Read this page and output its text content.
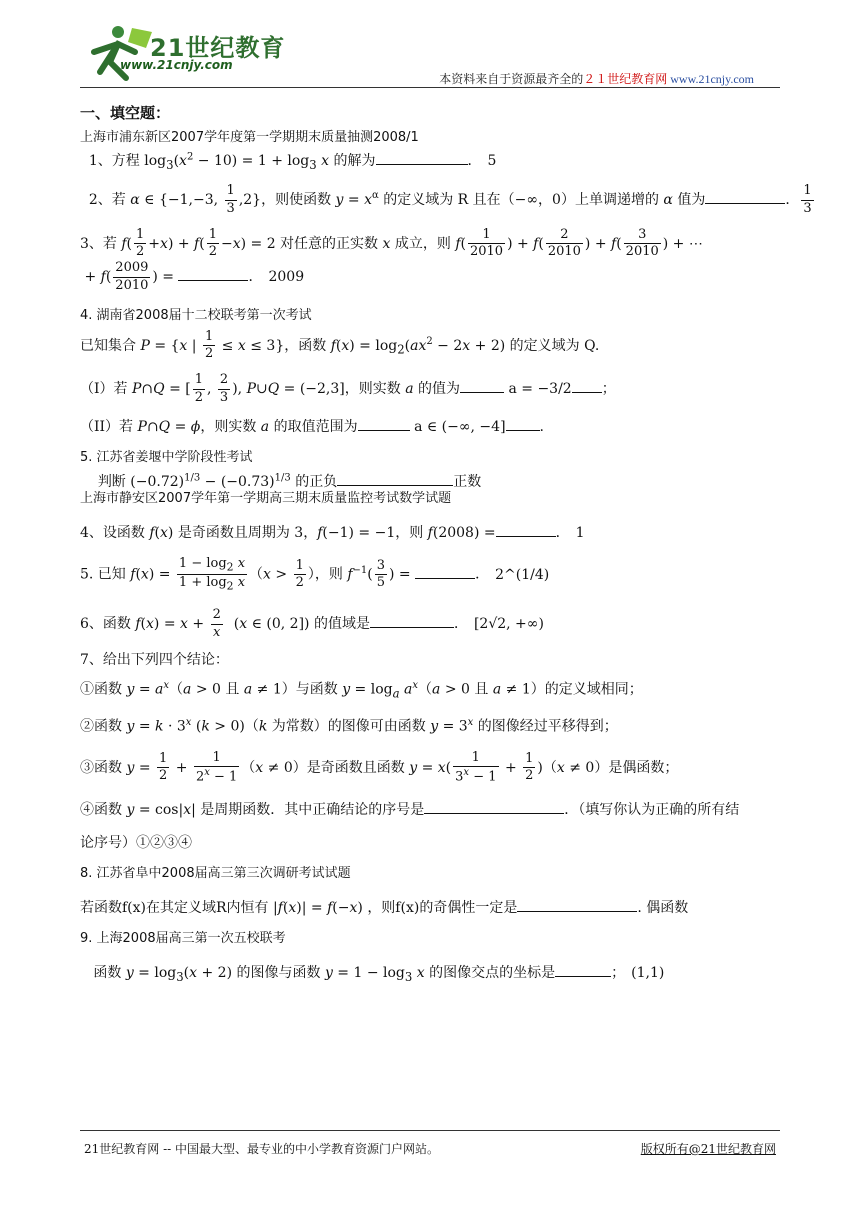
21世纪教育
www.21cnjy.com
本资料来自于资源最齐全的２１世纪教育网 www.21cnjy.com

一、填空题：

上海市浦东新区2007学年度第一学期期末质量抽测2008/1

1、方程 $\log_3(x^2 - 10) = 1 + \log_3 x$ 的解为	． 5

2、若 α ∈ {−1,−3, $\frac{1}{3} ,2$}，则使函数 $y = x^\alpha$ 的定义域为 R 且在（−∞，0）上单调递增的 α 值为	． $\frac{1}{3}$

3、若 $f( \frac{1}{2} +x) + f( \frac{1}{2} -x) = 2$ 对任意的正实数 x 成立，则 $f( \frac{1}{2010}$ ) + $f( \frac{2}{2010}$ ) + $f( \frac{3}{2010}$ ) + ⋯

+ $f( \frac{2009}{2010}$ ) =	． 2009

4. 湖南省2008届十二校联考第一次考试

已知集合 P = {x | $\frac{1}{2} \le x \le 3$}，函数 $f(x) = \log_2(ax^2 - 2x + 2)$ 的定义域为 Q.

（I）若 P∩Q = [ $\frac{1}{2}$ , $\frac{2}{3}$ ), P∪Q = (−2,3]，则实数 a 的值为	a = −3/2 ；

（II）若 P∩Q = ϕ，则实数 a 的取值范围为	a ∈ (−∞, −4] .

5. 江苏省姜堰中学阶段性考试

判断 $(-0.72)^{1/3} - (-0.73)^{1/3}$ 的正负	正数

上海市静安区2007学年第一学期高三期末质量监控考试数学试题

4、设函数 f(x) 是奇函数且周期为 3，f(−1) = −1，则 f(2008) =	． 1

5. 已知 $f(x) = \frac{1 - \log_2 x}{1 + \log_2 x} (x > \frac{1}{2}$ ），则 $f^{-1}( \frac{3}{5}$ ) =	． 2^(1/4)

6、函数 $f(x) = x + \frac{2}{x} (x$ ∈ (0, 2]) 的值域是	． [2√2, +∞)

7、给出下列四个结论：

①函数 $y = a^x(a > 0$ 且 a ≠ 1）与函数 $y = \log_a a^x(a > 0$ 且 a ≠ 1）的定义域相同；

②函数 $y = k \cdot 3^x$ (k > 0)（k 为常数）的图像可由函数 $y = 3^x$ 的图像经过平移得到；

③函数 $y = \frac{1}{2} + \frac{1}{2^x - 1} (x \ne 0)$是奇函数且函数 $y = x( \frac{1}{3^x - 1} + \frac{1}{2} )(x \ne 0)$是偶函数；

④函数 y = cos|x| 是周期函数．其中正确结论的序号是	．（填写你认为正确的所有结

论序号）①②③④

8. 江苏省阜中2008届高三第三次调研考试试题

若函数f(x)在其定义域R内恒有 |f(x)| = f(−x) ，则f(x)的奇偶性一定是	. 偶函数

9. 上海2008届高三第一次五校联考

函数 $y = \log_3(x + 2)$ 的图像与函数 $y = 1 - \log_3 x$ 的图像交点的坐标是	； (1,1)

21世纪教育网 -- 中国最大型、最专业的中小学教育资源门户网站。	版权所有@21世纪教育网
